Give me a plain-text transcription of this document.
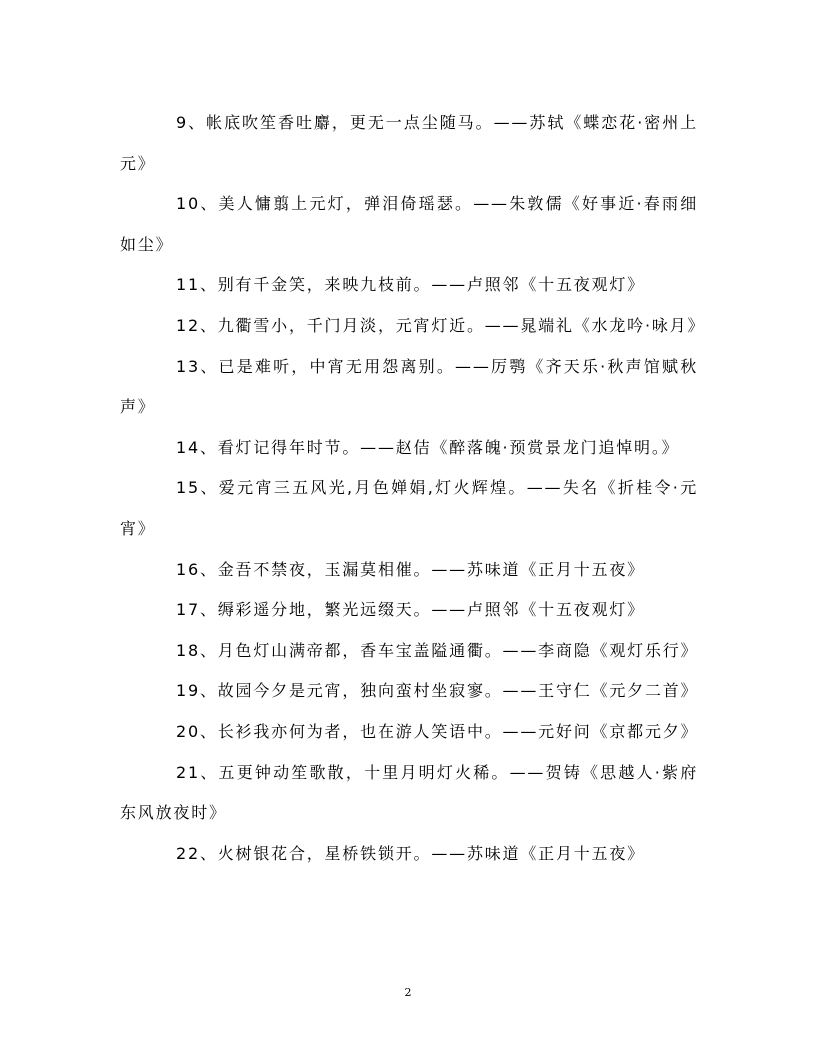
9、帐底吹笙香吐麝，更无一点尘随马。——苏轼《蝶恋花·密州上元》

10、美人慵翦上元灯，弹泪倚瑶瑟。——朱敦儒《好事近·春雨细如尘》

11、别有千金笑，来映九枝前。——卢照邻《十五夜观灯》

12、九衢雪小，千门月淡，元宵灯近。——晁端礼《水龙吟·咏月》

13、已是难听，中宵无用怨离别。——厉鹗《齐天乐·秋声馆赋秋声》

14、看灯记得年时节。——赵佶《醉落魄·预赏景龙门追悼明。》

15、爱元宵三五风光,月色婵娟,灯火辉煌。——失名《折桂令·元宵》

16、金吾不禁夜，玉漏莫相催。——苏味道《正月十五夜》

17、缛彩遥分地，繁光远缀天。——卢照邻《十五夜观灯》

18、月色灯山满帝都，香车宝盖隘通衢。——李商隐《观灯乐行》

19、故园今夕是元宵，独向蛮村坐寂寥。——王守仁《元夕二首》

20、长衫我亦何为者，也在游人笑语中。——元好问《京都元夕》

21、五更钟动笙歌散，十里月明灯火稀。——贺铸《思越人·紫府东风放夜时》

22、火树银花合，星桥铁锁开。——苏味道《正月十五夜》

2
